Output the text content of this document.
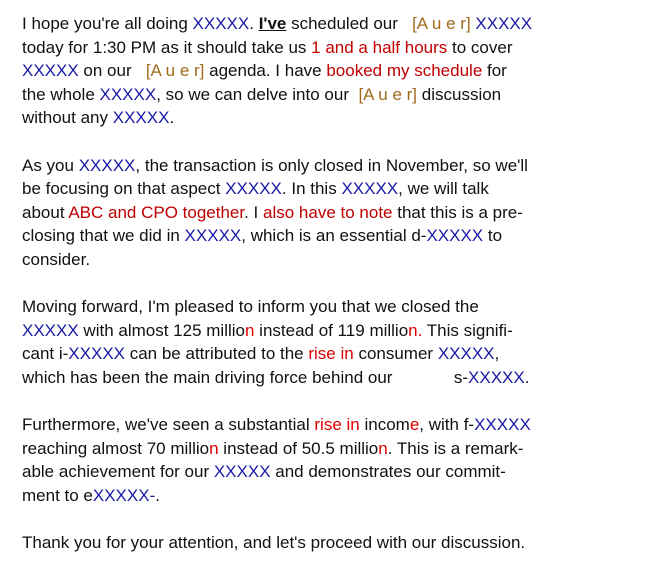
I hope you're all doing XXXXX. I've scheduled our   [A u e r] XXXXX
today for 1:30 PM as it should take us 1 and a half hours to cover
XXXXX on our   [A u e r] agenda. I have booked my schedule for
the whole XXXXX, so we can delve into our  [A u e r] discussion
without any XXXXX.
As you XXXXX, the transaction is only closed in November, so we'll
be focusing on that aspect XXXXX. In this XXXXX, we will talk
about ABC and CPO together. I also have to note that this is a pre-
closing that we did in XXXXX, which is an essential d-XXXXX to
consider.
Moving forward, I'm pleased to inform you that we closed the
XXXXX with almost 125 million instead of 119 million. This signifi-
cant i-XXXXX can be attributed to the rise in consumer XXXXX,
which has been the main driving force behind our             s-XXXXX.
Furthermore, we've seen a substantial rise in income, with f-XXXXX
reaching almost 70 million instead of 50.5 million. This is a remark-
able achievement for our XXXXX and demonstrates our commit-
ment to eXXXXX-.
Thank you for your attention, and let's proceed with our discussion.
